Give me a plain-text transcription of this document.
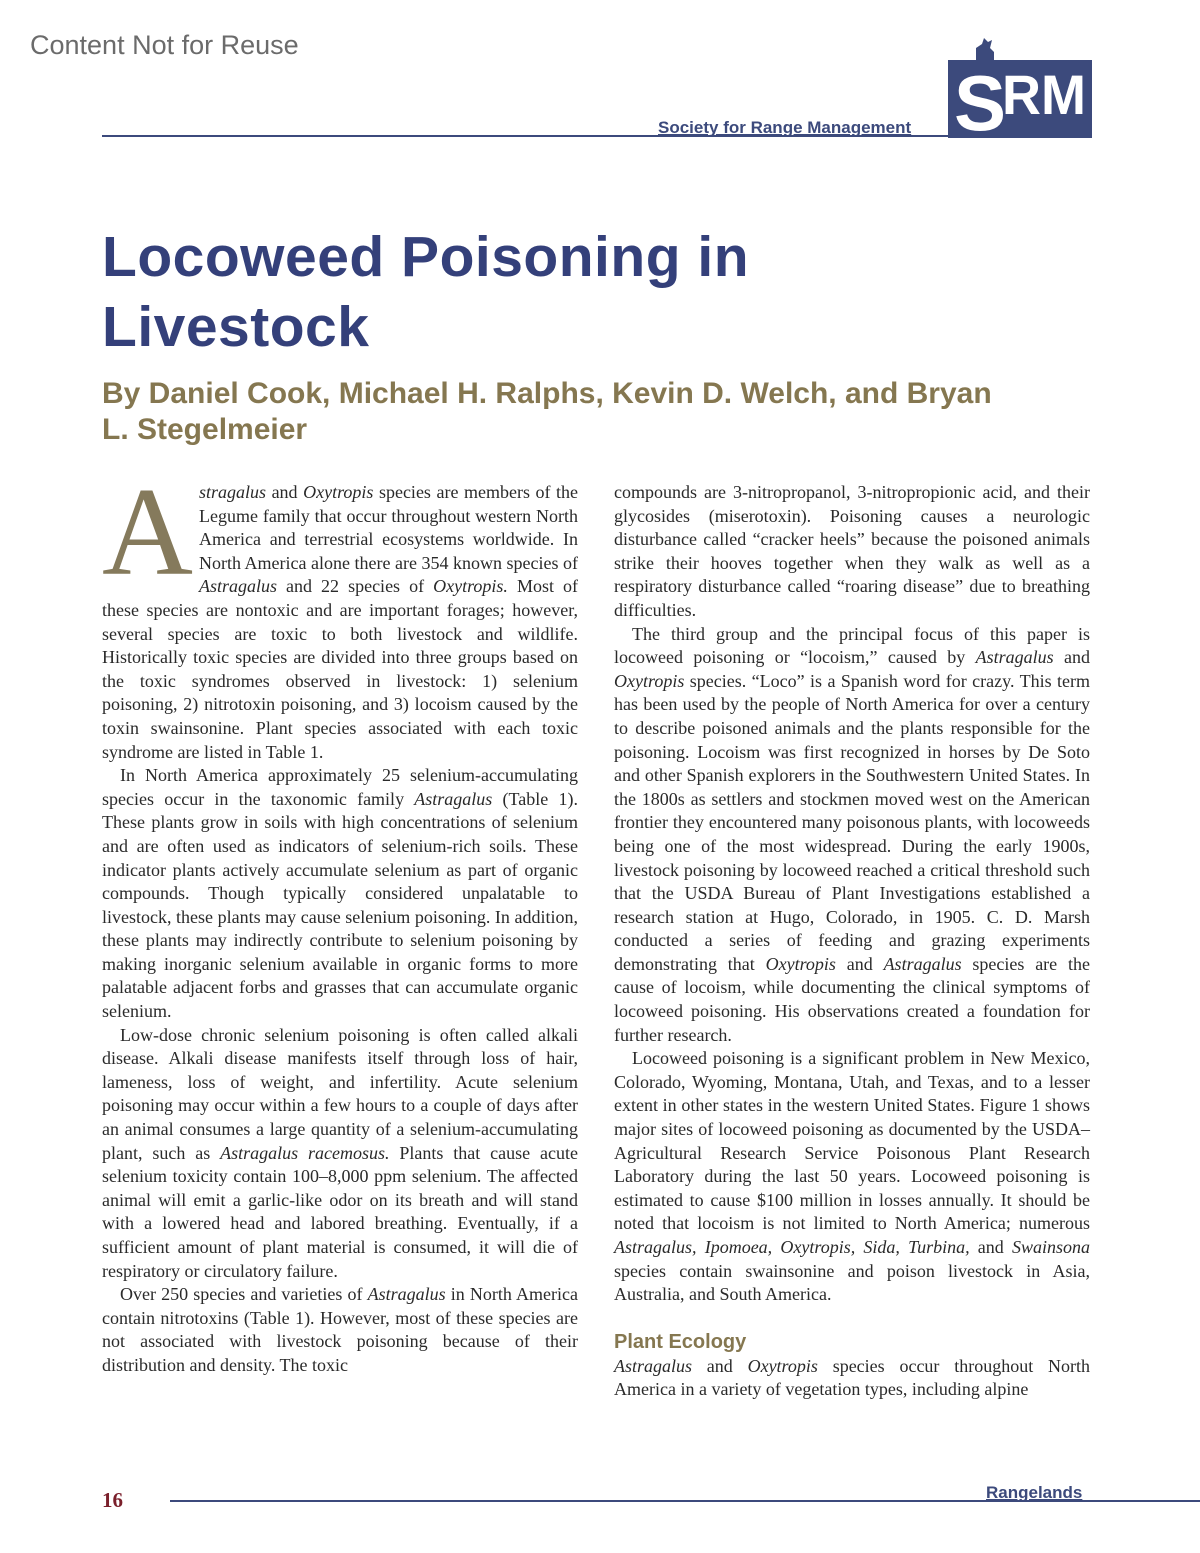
Content Not for Reuse
Society for Range Management S
RM
Locoweed Poisoning in Livestock
By Daniel Cook, Michael H. Ralphs, Kevin D. Welch, and Bryan L. Stegelmeier

Astragalus and Oxytropis species are members of the Legume family that occur throughout western North America and terrestrial ecosystems worldwide. In North America alone there are 354 known species of Astragalus and 22 species of Oxytropis. Most of these species are nontoxic and are important forages; however, several species are toxic to both livestock and wildlife. Historically toxic species are divided into three groups based on the toxic syndromes observed in livestock: 1) selenium poisoning, 2) nitrotoxin poisoning, and 3) locoism caused by the toxin swainsonine. Plant species associated with each toxic syndrome are listed in Table 1.

In North America approximately 25 selenium-accumulating species occur in the taxonomic family Astragalus (Table 1). These plants grow in soils with high concentrations of selenium and are often used as indicators of selenium-rich soils. These indicator plants actively accumulate selenium as part of organic compounds. Though typically considered unpalatable to livestock, these plants may cause selenium poisoning. In addition, these plants may indirectly contribute to selenium poisoning by making inorganic selenium available in organic forms to more palatable adjacent forbs and grasses that can accumulate organic selenium.

Low-dose chronic selenium poisoning is often called alkali disease. Alkali disease manifests itself through loss of hair, lameness, loss of weight, and infertility. Acute selenium poisoning may occur within a few hours to a couple of days after an animal consumes a large quantity of a selenium-accumulating plant, such as Astragalus racemosus. Plants that cause acute selenium toxicity contain 100–8,000 ppm selenium. The affected animal will emit a garlic-like odor on its breath and will stand with a lowered head and labored breathing. Eventually, if a sufficient amount of plant material is consumed, it will die of respiratory or circulatory failure.

Over 250 species and varieties of Astragalus in North America contain nitrotoxins (Table 1). However, most of these species are not associated with livestock poisoning because of their distribution and density. The toxic

compounds are 3-nitropropanol, 3-nitropropionic acid, and their glycosides (miserotoxin). Poisoning causes a neurologic disturbance called “cracker heels” because the poisoned animals strike their hooves together when they walk as well as a respiratory disturbance called “roaring disease” due to breathing difficulties.

The third group and the principal focus of this paper is locoweed poisoning or “locoism,” caused by Astragalus and Oxytropis species. “Loco” is a Spanish word for crazy. This term has been used by the people of North America for over a century to describe poisoned animals and the plants responsible for the poisoning. Locoism was first recognized in horses by De Soto and other Spanish explorers in the Southwestern United States. In the 1800s as settlers and stockmen moved west on the American frontier they encountered many poisonous plants, with locoweeds being one of the most widespread. During the early 1900s, livestock poisoning by locoweed reached a critical threshold such that the USDA Bureau of Plant Investigations established a research station at Hugo, Colorado, in 1905. C. D. Marsh conducted a series of feeding and grazing experiments demonstrating that Oxytropis and Astragalus species are the cause of locoism, while documenting the clinical symptoms of locoweed poisoning. His observations created a foundation for further research.

Locoweed poisoning is a significant problem in New Mexico, Colorado, Wyoming, Montana, Utah, and Texas, and to a lesser extent in other states in the western United States. Figure 1 shows major sites of locoweed poisoning as documented by the USDA–Agricultural Research Service Poisonous Plant Research Laboratory during the last 50 years. Locoweed poisoning is estimated to cause $100 million in losses annually. It should be noted that locoism is not limited to North America; numerous Astragalus, Ipomoea, Oxytropis, Sida, Turbina, and Swainsona species contain swainsonine and poison livestock in Asia, Australia, and South America.

Plant Ecology

Astragalus and Oxytropis species occur throughout North America in a variety of vegetation types, including alpine

16	Rangelands
